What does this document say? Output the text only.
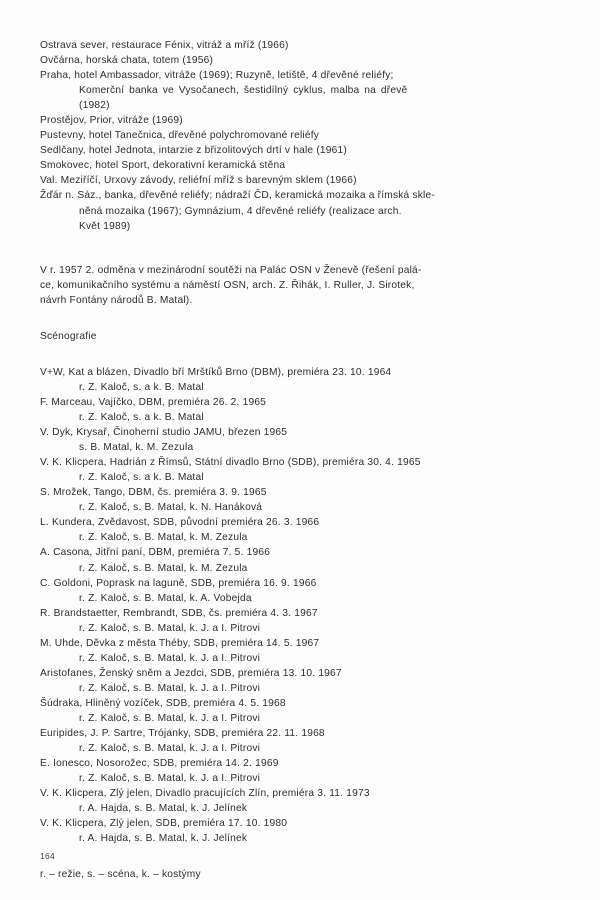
Ostrava sever, restaurace Fénix, vitráž a mříž (1966)
Ovčárna, horská chata, totem (1956)
Praha, hotel Ambassador, vitráže (1969); Ruzyně, letiště, 4 dřevěné reliéfy;
Komerční banka ve Vysočanech, šestidílný cyklus, malba na dřevě
(1982)
Prostějov, Prior, vitráže (1969)
Pustevny, hotel Tanečnica, dřevěné polychromované reliéfy
Sedlčany, hotel Jednota, intarzie z břizolitových drtí v hale (1961)
Smokovec, hotel Sport, dekorativní keramická stěna
Val. Meziříčí, Urxovy závody, reliéfní mříž s barevným sklem (1966)
Žďár n. Sáz., banka, dřevěné reliéfy; nádraží ČD, keramická mozaika a římská skle-
něná mozaika (1967); Gymnázium, 4 dřevěné reliéfy (realizace arch.
Květ 1989)
V r. 1957 2. odměna v mezinárodní soutěži na Palác OSN v Ženevě (řešení palá-
ce, komunikačního systému a náměstí OSN, arch. Z. Řihák, I. Ruller, J. Sirotek,
návrh Fontány národů B. Matal).
Scénografie
V+W, Kat a blázen, Divadlo bří Mrštíků Brno (DBM), premiéra 23. 10. 1964
r. Z. Kaloč, s. a k. B. Matal
F. Marceau, Vajíčko, DBM, premiéra 26. 2. 1965
r. Z. Kaloč, s. a k. B. Matal
V. Dyk, Krysař, Činoherní studio JAMU, březen 1965
s. B. Matal, k. M. Zezula
V. K. Klicpera, Hadrián z Římsů, Státní divadlo Brno (SDB), premiéra 30. 4. 1965
r. Z. Kaloč, s. a k. B. Matal
S. Mrožek, Tango, DBM, čs. premiéra 3. 9. 1965
r. Z. Kaloč, s. B. Matal, k. N. Hanáková
L. Kundera, Zvědavost, SDB, původní premiéra 26. 3. 1966
r. Z. Kaloč, s. B. Matal, k. M. Zezula
A. Casona, Jitřní paní, DBM, premiéra 7. 5. 1966
r. Z. Kaloč, s. B. Matal, k. M. Zezula
C. Goldoni, Poprask na laguně, SDB, premiéra 16. 9. 1966
r. Z. Kaloč, s. B. Matal, k. A. Vobejda
R. Brandstaetter, Rembrandt, SDB, čs. premiéra 4. 3. 1967
r. Z. Kaloč, s. B. Matal, k. J. a I. Pitrovi
M. Uhde, Děvka z města Théby, SDB, premiéra 14. 5. 1967
r. Z. Kaloč, s. B. Matal, k. J. a I. Pitrovi
Aristofanes, Ženský sněm a Jezdci, SDB, premiéra 13. 10. 1967
r. Z. Kaloč, s. B. Matal, k. J. a I. Pitrovi
Šúdraka, Hliněný vozíček, SDB, premiéra 4. 5. 1968
r. Z. Kaloč, s. B. Matal, k. J. a I. Pitrovi
Euripides, J. P. Sartre, Trójanky, SDB, premiéra 22. 11. 1968
r. Z. Kaloč, s. B. Matal, k. J. a I. Pitrovi
E. Ionesco, Nosorožec, SDB, premiéra 14. 2. 1969
r. Z. Kaloč, s. B. Matal, k. J. a I. Pitrovi
V. K. Klicpera, Zlý jelen, Divadlo pracujících Zlín, premiéra 3. 11. 1973
r. A. Hajda, s. B. Matal, k. J. Jelínek
V. K. Klicpera, Zlý jelen, SDB, premiéra 17. 10. 1980
r. A. Hajda, s. B. Matal, k. J. Jelínek
r. – režie, s. – scéna, k. – kostýmy
164
